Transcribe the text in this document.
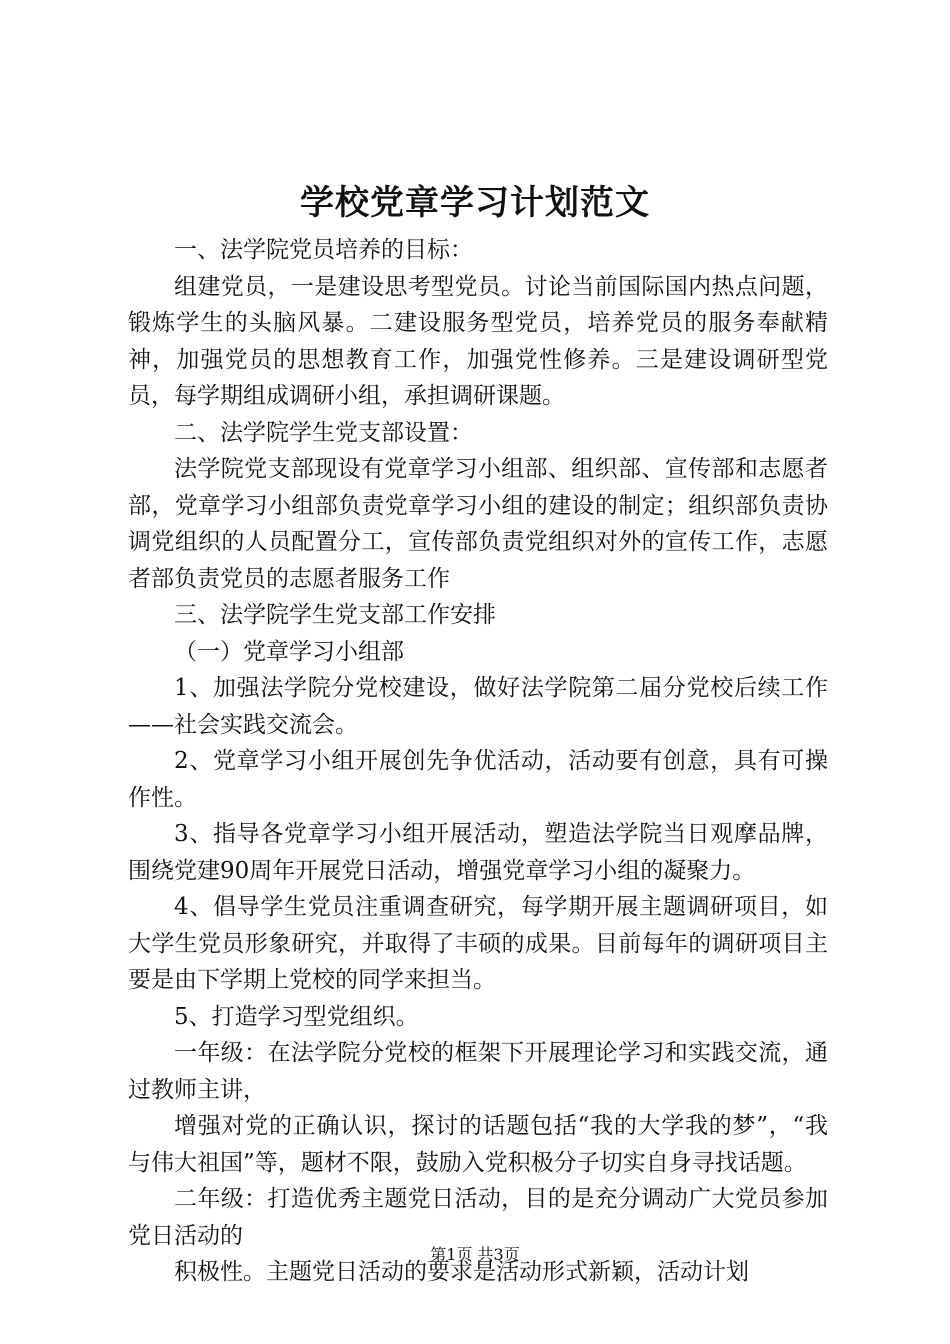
学校党章学习计划范文

一、法学院党员培养的目标：

组建党员，一是建设思考型党员。讨论当前国际国内热点问题，锻炼学生的头脑风暴。二建设服务型党员，培养党员的服务奉献精神，加强党员的思想教育工作，加强党性修养。三是建设调研型党员，每学期组成调研小组，承担调研课题。

二、法学院学生党支部设置：

法学院党支部现设有党章学习小组部、组织部、宣传部和志愿者部，党章学习小组部负责党章学习小组的建设的制定；组织部负责协调党组织的人员配置分工，宣传部负责党组织对外的宣传工作，志愿者部负责党员的志愿者服务工作

三、法学院学生党支部工作安排

（一）党章学习小组部

1、加强法学院分党校建设，做好法学院第二届分党校后续工作——社会实践交流会。

2、党章学习小组开展创先争优活动，活动要有创意，具有可操作性。

3、指导各党章学习小组开展活动，塑造法学院当日观摩品牌，围绕党建90周年开展党日活动，增强党章学习小组的凝聚力。

4、倡导学生党员注重调查研究，每学期开展主题调研项目，如大学生党员形象研究，并取得了丰硕的成果。目前每年的调研项目主要是由下学期上党校的同学来担当。

5、打造学习型党组织。

一年级：在法学院分党校的框架下开展理论学习和实践交流，通过教师主讲，

增强对党的正确认识，探讨的话题包括“我的大学我的梦”，“我与伟大祖国”等，题材不限，鼓励入党积极分子切实自身寻找话题。

二年级：打造优秀主题党日活动，目的是充分调动广大党员参加党日活动的

积极性。主题党日活动的要求是活动形式新颖，活动计划

第1页 共3页
